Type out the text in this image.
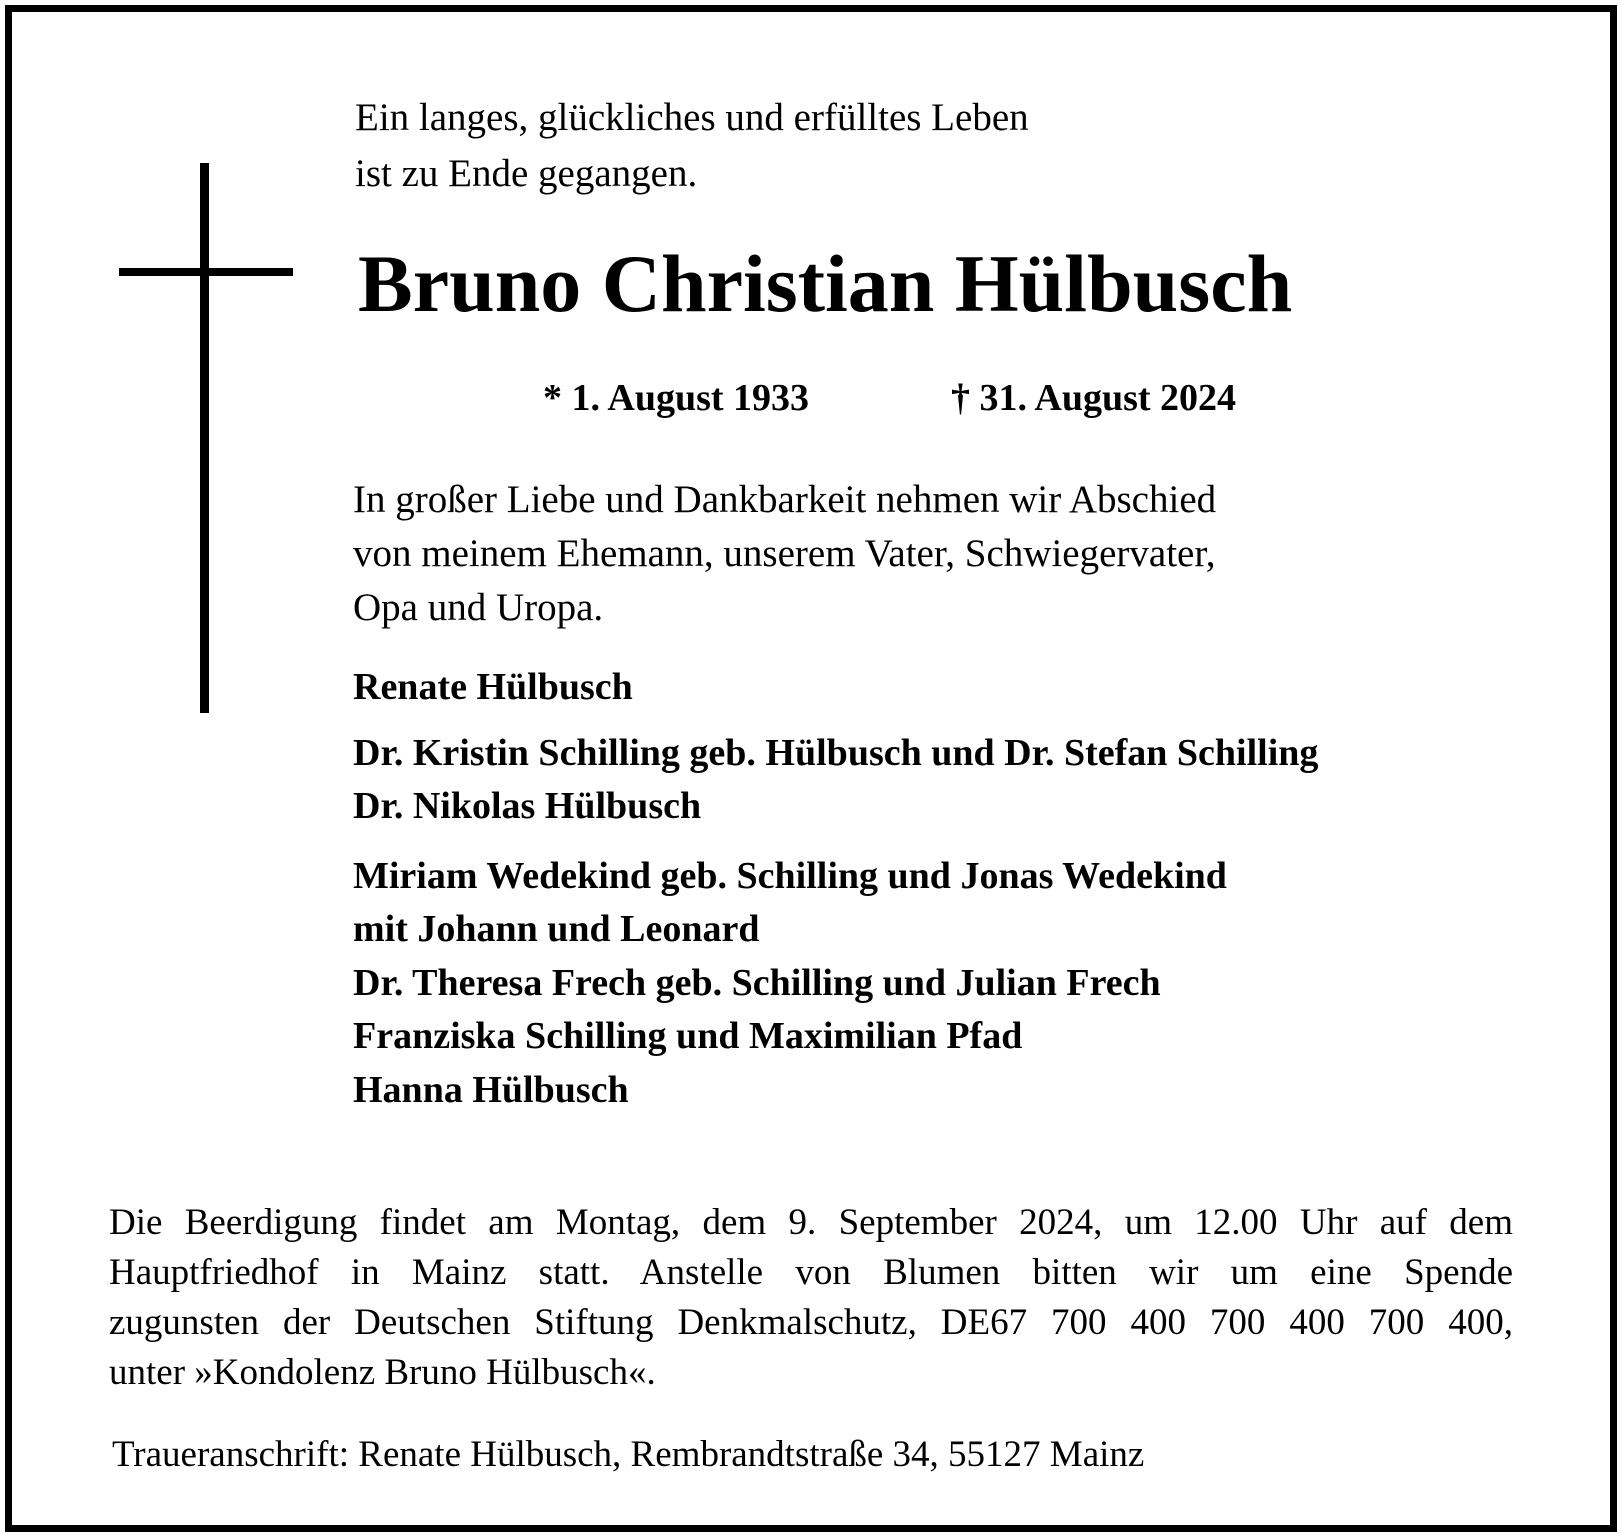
Ein langes, glückliches und erfülltes Leben
ist zu Ende gegangen.
Bruno Christian Hülbusch
* 1. August 1933	† 31. August 2024
In großer Liebe und Dankbarkeit nehmen wir Abschied
von meinem Ehemann, unserem Vater, Schwiegervater,
Opa und Uropa.
Renate Hülbusch
Dr. Kristin Schilling geb. Hülbusch und Dr. Stefan Schilling
Dr. Nikolas Hülbusch
Miriam Wedekind geb. Schilling und Jonas Wedekind
mit Johann und Leonard
Dr. Theresa Frech geb. Schilling und Julian Frech
Franziska Schilling und Maximilian Pfad
Hanna Hülbusch
Die Beerdigung findet am Montag, dem 9. September 2024, um 12.00 Uhr auf dem
Hauptfriedhof in Mainz statt. Anstelle von Blumen bitten wir um eine Spende
zugunsten der Deutschen Stiftung Denkmalschutz, DE67 700 400 700 400 700 400,
unter »Kondolenz Bruno Hülbusch«.
Traueranschrift: Renate Hülbusch, Rembrandtstraße 34, 55127 Mainz
